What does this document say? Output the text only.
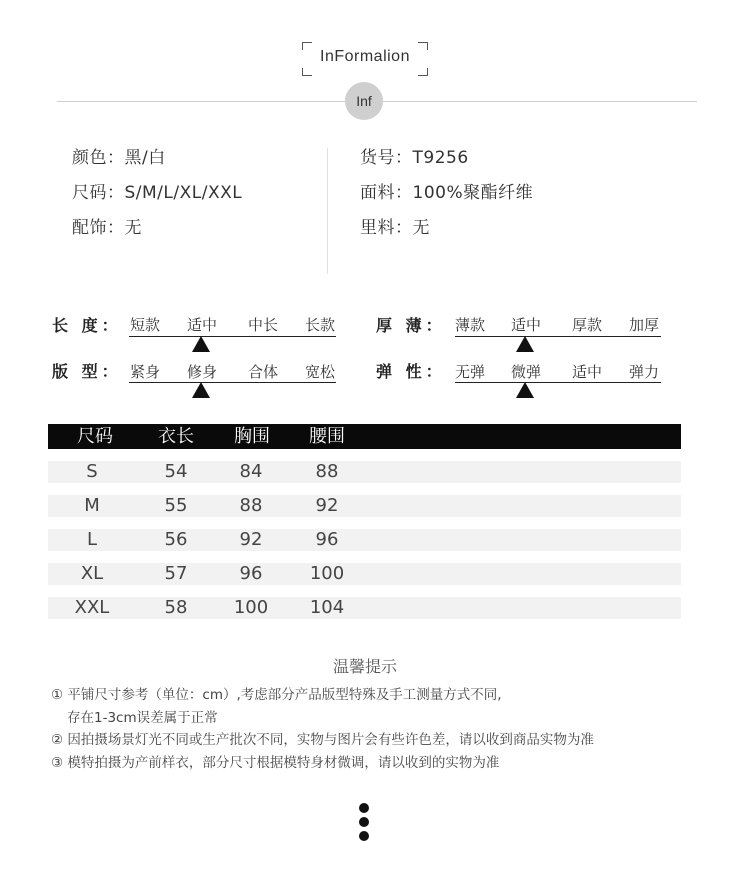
InFormalion
Inf
颜色：黑/白
尺码：S/M/L/XL/XXL
配饰：无
货号：T9256
面料：100%聚酯纤维
里料：无
长 度： 短款 适中 中长 长款	厚 薄： 薄款 适中 厚款 加厚
版 型： 紧身 修身 合体 宽松	弹 性： 无弹 微弹 适中 弹力
尺码	衣长	胸围	腰围
S	54	84	88
M	55	88	92
L	56	92	96
XL	57	96	100
XXL	58	100	104
温馨提示
① 平铺尺寸参考（单位：cm）,考虑部分产品版型特殊及手工测量方式不同,
存在1-3cm误差属于正常
② 因拍摄场景灯光不同或生产批次不同，实物与图片会有些许色差，请以收到商品实物为准
③ 模特拍摄为产前样衣，部分尺寸根据模特身材微调，请以收到的实物为准
